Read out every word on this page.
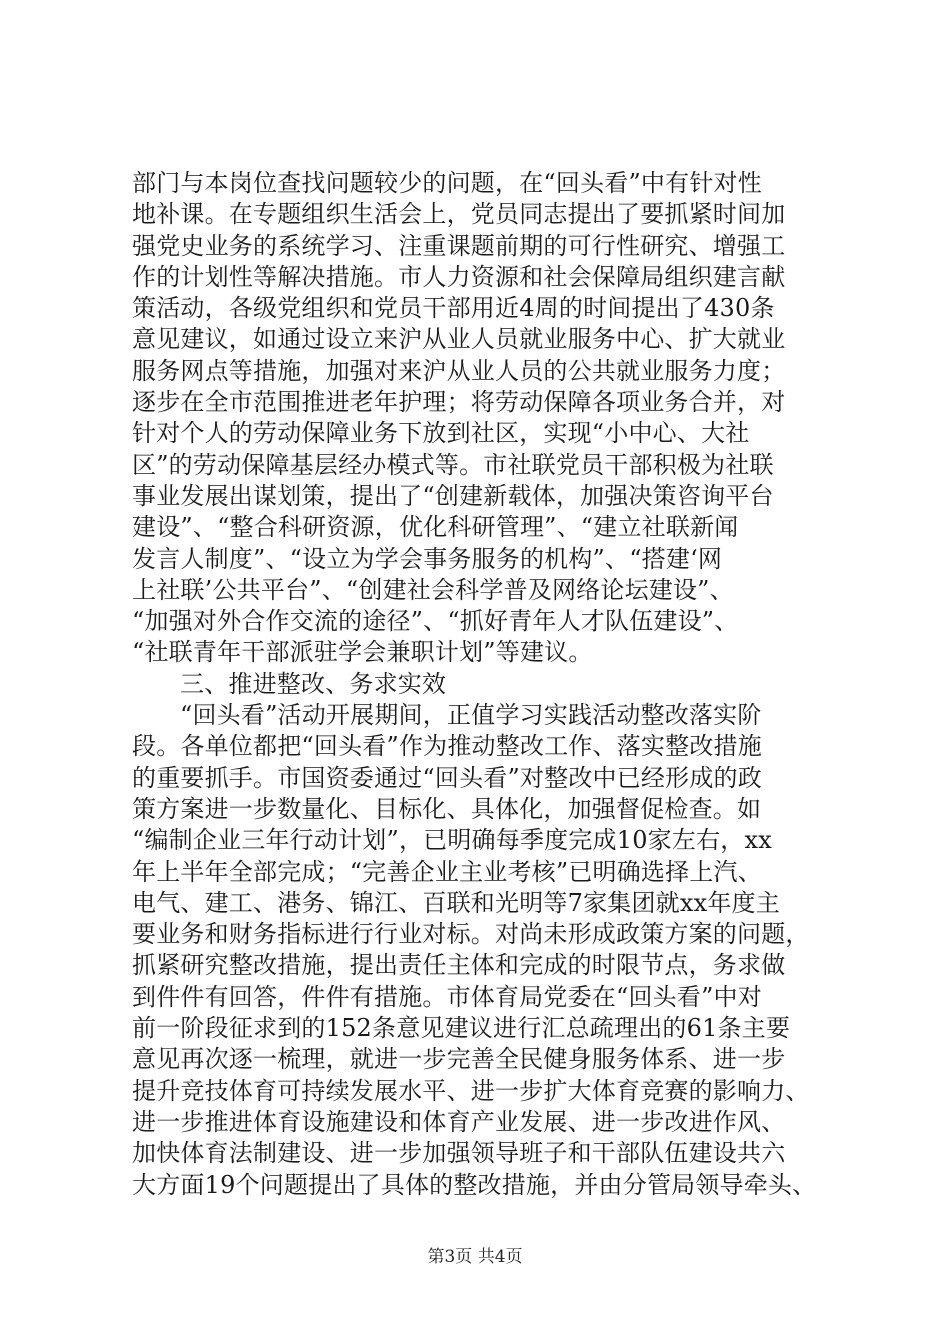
部门与本岗位查找问题较少的问题，在“回头看”中有针对性
地补课。在专题组织生活会上，党员同志提出了要抓紧时间加
强党史业务的系统学习、注重课题前期的可行性研究、增强工
作的计划性等解决措施。市人力资源和社会保障局组织建言献
策活动，各级党组织和党员干部用近4周的时间提出了430条
意见建议，如通过设立来沪从业人员就业服务中心、扩大就业
服务网点等措施，加强对来沪从业人员的公共就业服务力度；
逐步在全市范围推进老年护理；将劳动保障各项业务合并，对
针对个人的劳动保障业务下放到社区，实现“小中心、大社
区”的劳动保障基层经办模式等。市社联党员干部积极为社联
事业发展出谋划策，提出了“创建新载体，加强决策咨询平台
建设”、“整合科研资源，优化科研管理”、“建立社联新闻
发言人制度”、“设立为学会事务服务的机构”、“搭建‘网
上社联’公共平台”、“创建社会科学普及网络论坛建设”、
“加强对外合作交流的途径”、“抓好青年人才队伍建设”、
“社联青年干部派驻学会兼职计划”等建议。
三、推进整改、务求实效
“回头看”活动开展期间，正值学习实践活动整改落实阶
段。各单位都把“回头看”作为推动整改工作、落实整改措施
的重要抓手。市国资委通过“回头看”对整改中已经形成的政
策方案进一步数量化、目标化、具体化，加强督促检查。如
“编制企业三年行动计划”，已明确每季度完成10家左右，xx
年上半年全部完成；“完善企业主业考核”已明确选择上汽、
电气、建工、港务、锦江、百联和光明等7家集团就xx年度主
要业务和财务指标进行行业对标。对尚未形成政策方案的问题，
抓紧研究整改措施，提出责任主体和完成的时限节点，务求做
到件件有回答，件件有措施。市体育局党委在“回头看”中对
前一阶段征求到的152条意见建议进行汇总疏理出的61条主要
意见再次逐一梳理，就进一步完善全民健身服务体系、进一步
提升竞技体育可持续发展水平、进一步扩大体育竞赛的影响力、
进一步推进体育设施建设和体育产业发展、进一步改进作风、
加快体育法制建设、进一步加强领导班子和干部队伍建设共六
大方面19个问题提出了具体的整改措施，并由分管局领导牵头、
第3页 共4页
